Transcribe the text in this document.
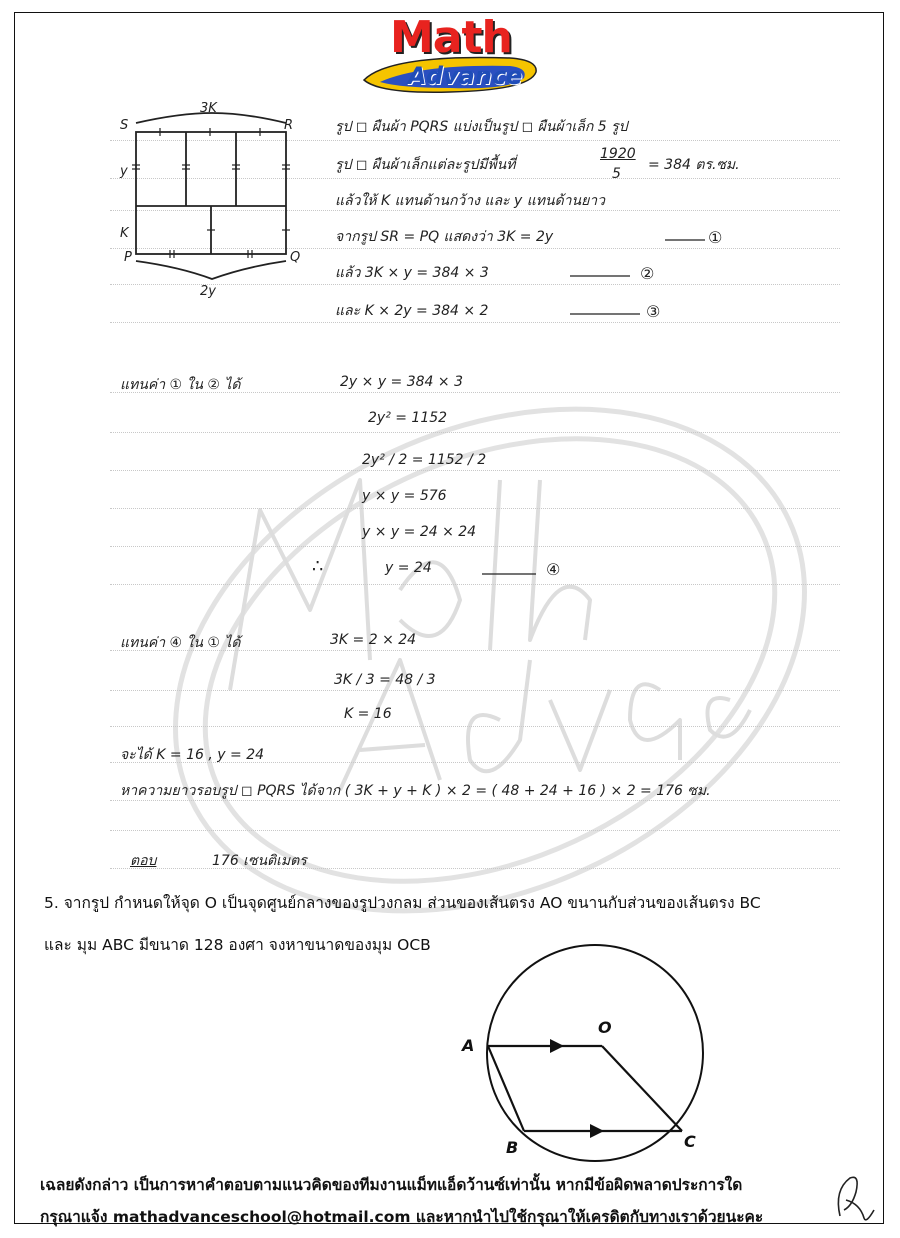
Math
Advance
3K
S	R
y
K
P	Q
2y
รูป ◻ ผืนผ้า PQRS แบ่งเป็นรูป ◻ ผืนผ้าเล็ก 5 รูป
รูป ◻ ผืนผ้าเล็กแต่ละรูปมีพื้นที่
1920
5
= 384 ตร.ซม.
แล้วให้ K แทนด้านกว้าง และ y แทนด้านยาว
จากรูป SR = PQ แสดงว่า 3K = 2y
แล้ว 3K × y = 384 × 3
และ K × 2y = 384 × 2
①
②
③
แทนค่า ① ใน ② ได้	2y × y = 384 × 3
2y² = 1152
2y² / 2 = 1152 / 2
y × y = 576
y × y = 24 × 24
∴	y = 24	④
แทนค่า ④ ใน ① ได้	3K = 2 × 24
3K / 3 = 48 / 3
K = 16
จะได้ K = 16 , y = 24
หาความยาวรอบรูป ◻ PQRS ได้จาก ( 3K + y + K ) × 2 = ( 48 + 24 + 16 ) × 2 = 176 ซม.
ตอบ	176 เซนติเมตร
5. จากรูป กำหนดให้จุด O เป็นจุดศูนย์กลางของรูปวงกลม ส่วนของเส้นตรง AO ขนานกับส่วนของเส้นตรง BC
และ มุม ABC มีขนาด 128 องศา จงหาขนาดของมุม OCB
A
O
B	C
เฉลยดังกล่าว เป็นการหาคำตอบตามแนวคิดของทีมงานแม็ทแอ็ดว้านซ์เท่านั้น หากมีข้อผิดพลาดประการใด
กรุณาแจ้ง mathadvanceschool@hotmail.com และหากนำไปใช้กรุณาให้เครดิตกับทางเราด้วยนะคะ
